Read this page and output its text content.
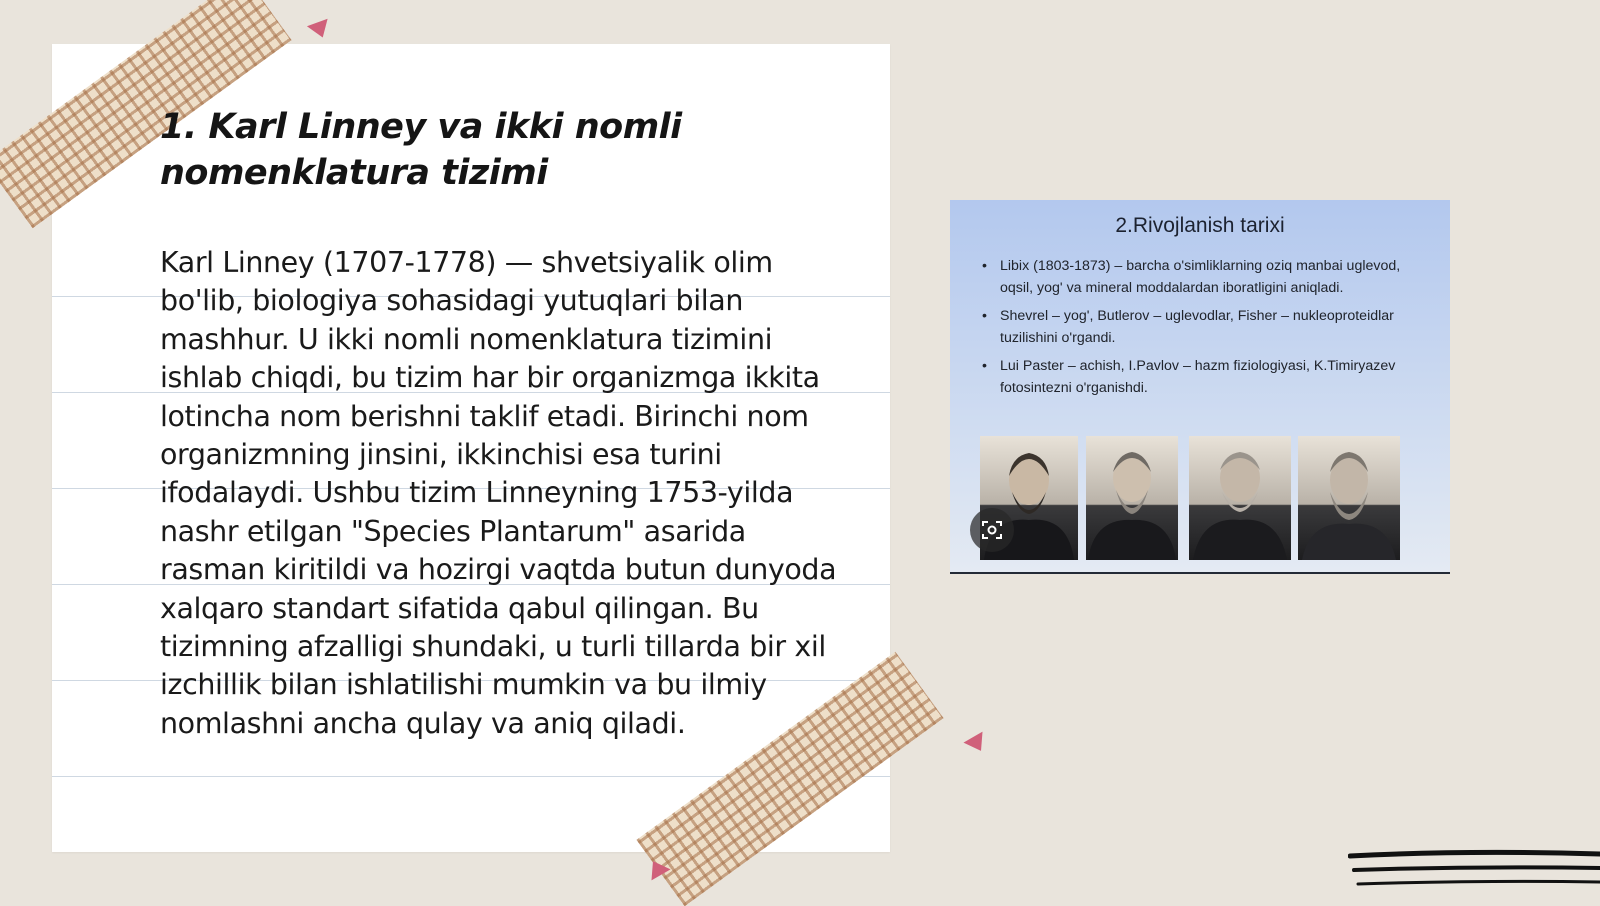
1. Karl Linney va ikki nomli nomenklatura tizimi

Karl Linney (1707-1778) — shvetsiyalik olim bo'lib, biologiya sohasidagi yutuqlari bilan mashhur. U ikki nomli nomenklatura tizimini ishlab chiqdi, bu tizim har bir organizmga ikkita lotincha nom berishni taklif etadi. Birinchi nom organizmning jinsini, ikkinchisi esa turini ifodalaydi. Ushbu tizim Linneyning 1753-yilda nashr etilgan "Species Plantarum" asarida rasman kiritildi va hozirgi vaqtda butun dunyoda xalqaro standart sifatida qabul qilingan. Bu tizimning afzalligi shundaki, u turli tillarda bir xil izchillik bilan ishlatilishi mumkin va bu ilmiy nomlashni ancha qulay va aniq qiladi.

2.Rivojlanish tarixi
• Libix (1803-1873) – barcha o'simliklarning oziq manbai uglevod, oqsil, yog' va mineral moddalardan iboratligini aniqladi.
• Shevrel – yog', Butlerov – uglevodlar, Fisher – nukleoproteidlar tuzilishini o'rgandi.
• Lui Paster – achish, I.Pavlov – hazm fiziologiyasi, K.Timiryazev fotosintezni o'rganishdi.
